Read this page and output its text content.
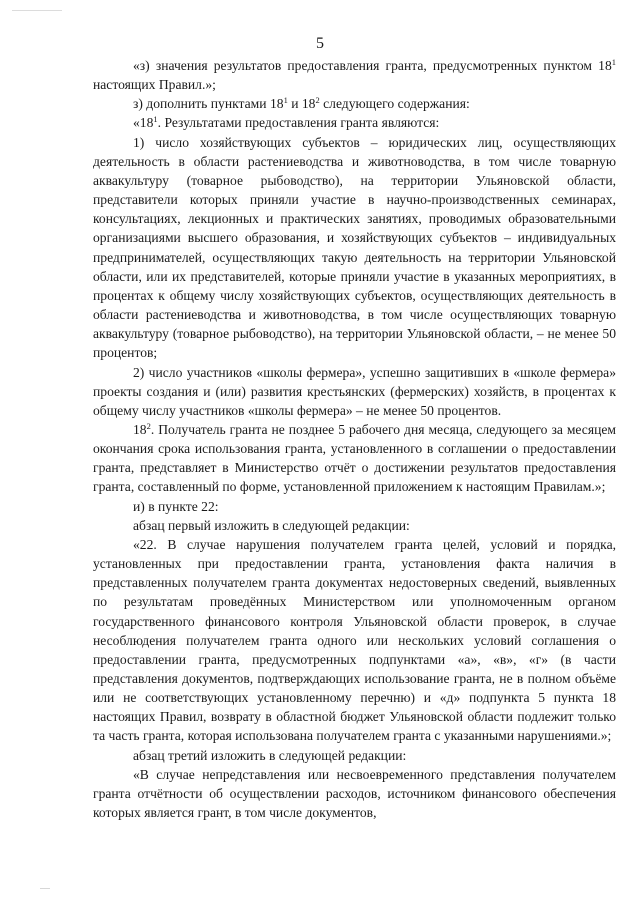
5

«з) значения результатов предоставления гранта, предусмотренных пунктом $18^1$ настоящих Правил.»;

з) дополнить пунктами $18^1$ и $18^2$ следующего содержания:

«$18^1$. Результатами предоставления гранта являются:

1) число хозяйствующих субъектов – юридических лиц, осуществляющих деятельность в области растениеводства и животноводства, в том числе товарную аквакультуру (товарное рыбоводство), на территории Ульяновской области, представители которых приняли участие в научно-производственных семинарах, консультациях, лекционных и практических занятиях, проводимых образовательными организациями высшего образования, и хозяйствующих субъектов – индивидуальных предпринимателей, осуществляющих такую деятельность на территории Ульяновской области, или их представителей, которые приняли участие в указанных мероприятиях, в процентах к общему числу хозяйствующих субъектов, осуществляющих деятельность в области растениеводства и животноводства, в том числе осуществляющих товарную аквакультуру (товарное рыбоводство), на территории Ульяновской области, – не менее 50 процентов;

2) число участников «школы фермера», успешно защитивших в «школе фермера» проекты создания и (или) развития крестьянских (фермерских) хозяйств, в процентах к общему числу участников «школы фермера» – не менее 50 процентов.

$18^2$. Получатель гранта не позднее 5 рабочего дня месяца, следующего за месяцем окончания срока использования гранта, установленного в соглашении о предоставлении гранта, представляет в Министерство отчёт о достижении результатов предоставления гранта, составленный по форме, установленной приложением к настоящим Правилам.»;

и) в пункте 22:

абзац первый изложить в следующей редакции:

«22. В случае нарушения получателем гранта целей, условий и порядка, установленных при предоставлении гранта, установления факта наличия в представленных получателем гранта документах недостоверных сведений, выявленных по результатам проведённых Министерством или уполномоченным органом государственного финансового контроля Ульяновской области проверок, в случае несоблюдения получателем гранта одного или нескольких условий соглашения о предоставлении гранта, предусмотренных подпунктами «а», «в», «г» (в части представления документов, подтверждающих использование гранта, не в полном объёме или не соответствующих установленному перечню) и «д» подпункта 5 пункта 18 настоящих Правил, возврату в областной бюджет Ульяновской области подлежит только та часть гранта, которая использована получателем гранта с указанными нарушениями.»;

абзац третий изложить в следующей редакции:

«В случае непредставления или несвоевременного представления получателем гранта отчётности об осуществлении расходов, источником финансового обеспечения которых является грант, в том числе документов,
